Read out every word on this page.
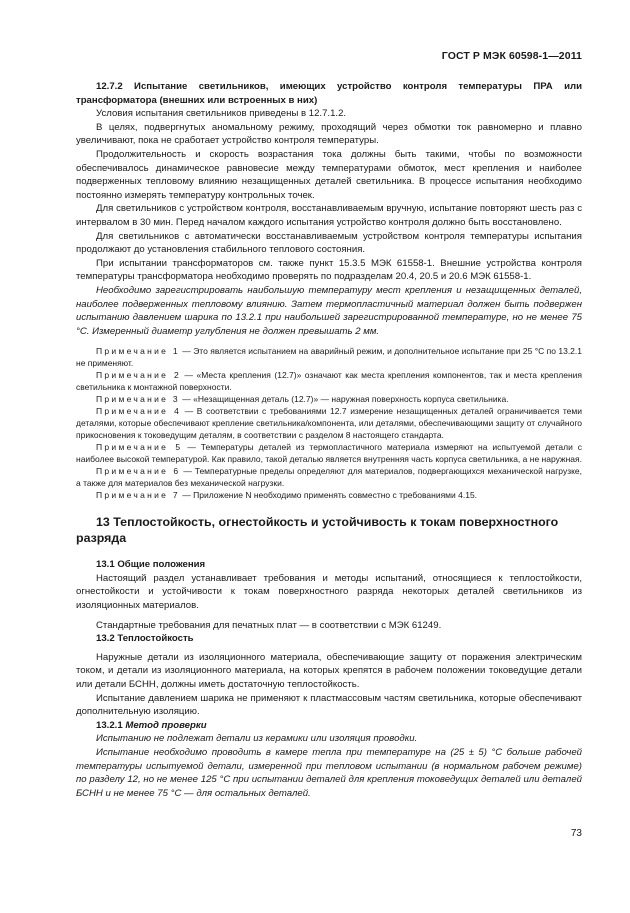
ГОСТ Р МЭК 60598-1—2011

12.7.2 Испытание светильников, имеющих устройство контроля температуры ПРА или трансформатора (внешних или встроенных в них)

Условия испытания светильников приведены в 12.7.1.2.

В целях, подвергнутых аномальному режиму, проходящий через обмотки ток равномерно и плавно увеличивают, пока не сработает устройство контроля температуры.

Продолжительность и скорость возрастания тока должны быть такими, чтобы по возможности обеспечивалось динамическое равновесие между температурами обмоток, мест крепления и наиболее подверженных тепловому влиянию незащищенных деталей светильника. В процессе испытания необходимо постоянно измерять температуру контрольных точек.

Для светильников с устройством контроля, восстанавливаемым вручную, испытание повторяют шесть раз с интервалом в 30 мин. Перед началом каждого испытания устройство контроля должно быть восстановлено.

Для светильников с автоматически восстанавливаемым устройством контроля температуры испытания продолжают до установления стабильного теплового состояния.

При испытании трансформаторов см. также пункт 15.3.5 МЭК 61558-1. Внешние устройства контроля температуры трансформатора необходимо проверять по подразделам 20.4, 20.5 и 20.6 МЭК 61558-1.

Необходимо зарегистрировать наибольшую температуру мест крепления и незащищенных деталей, наиболее подверженных тепловому влиянию. Затем термопластичный материал должен быть подвержен испытанию давлением шарика по 13.2.1 при наибольшей зарегистрированной температуре, но не менее 75 °С. Измеренный диаметр углубления не должен превышать 2 мм.

Примечание 1 — Это является испытанием на аварийный режим, и дополнительное испытание при 25 °С по 13.2.1 не применяют.

Примечание 2 — «Места крепления (12.7)» означают как места крепления компонентов, так и места крепления светильника к монтажной поверхности.

Примечание 3 — «Незащищенная деталь (12.7)» — наружная поверхность корпуса светильника.

Примечание 4 — В соответствии с требованиями 12.7 измерение незащищенных деталей ограничивается теми деталями, которые обеспечивают крепление светильника/компонента, или деталями, обеспечивающими защиту от случайного прикосновения к токоведущим деталям, в соответствии с разделом 8 настоящего стандарта.

Примечание 5 — Температуры деталей из термопластичного материала измеряют на испытуемой детали с наиболее высокой температурой. Как правило, такой деталью является внутренняя часть корпуса светильника, а не наружная.

Примечание 6 — Температурные пределы определяют для материалов, подвергающихся механической нагрузке, а также для материалов без механической нагрузки.

Примечание 7 — Приложение N необходимо применять совместно с требованиями 4.15.

13 Теплостойкость, огнестойкость и устойчивость к токам поверхностного разряда

13.1 Общие положения

Настоящий раздел устанавливает требования и методы испытаний, относящиеся к теплостойкости, огнестойкости и устойчивости к токам поверхностного разряда некоторых деталей светильников из изоляционных материалов.

Стандартные требования для печатных плат — в соответствии с МЭК 61249.

13.2 Теплостойкость

Наружные детали из изоляционного материала, обеспечивающие защиту от поражения электрическим током, и детали из изоляционного материала, на которых крепятся в рабочем положении токоведущие детали или детали БСНН, должны иметь достаточную теплостойкость.

Испытание давлением шарика не применяют к пластмассовым частям светильника, которые обеспечивают дополнительную изоляцию.

13.2.1 Метод проверки

Испытанию не подлежат детали из керамики или изоляция проводки.

Испытание необходимо проводить в камере тепла при температуре на (25 ± 5) °С больше рабочей температуры испытуемой детали, измеренной при тепловом испытании (в нормальном рабочем режиме) по разделу 12, но не менее 125 °С при испытании деталей для крепления токоведущих деталей или деталей БСНН и не менее 75 °С — для остальных деталей.

73
